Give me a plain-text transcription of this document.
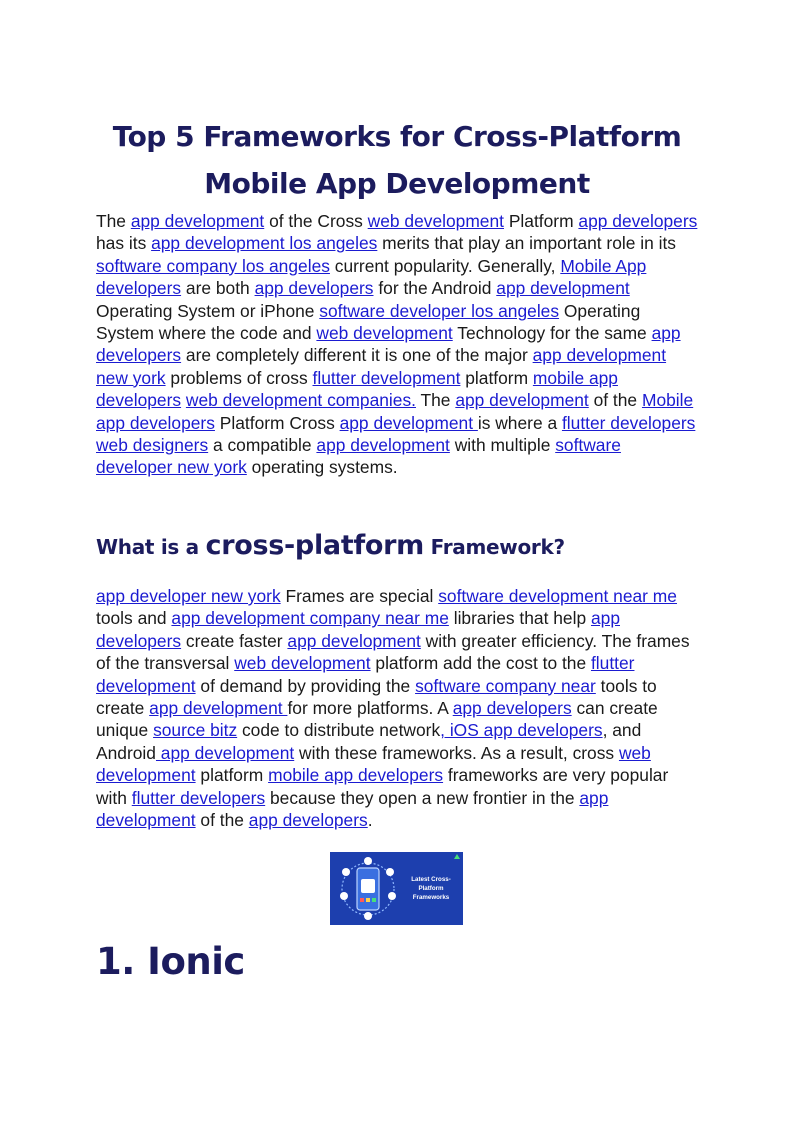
Top 5 Frameworks for Cross-Platform Mobile App Development

The app development of the Cross web development Platform app developers has its app development los angeles merits that play an important role in its software company los angeles current popularity. Generally, Mobile App developers are both app developers for the Android app development Operating System or iPhone software developer los angeles Operating System where the code and web development Technology for the same app developers are completely different it is one of the major app development new york problems of cross flutter development platform mobile app developers web development companies. The app development of the Mobile app developers Platform Cross app development is where a flutter developers web designers a compatible app development with multiple software developer new york operating systems.

What is a cross-platform Framework?

app developer new york Frames are special software development near me tools and app development company near me libraries that help app developers create faster app development with greater efficiency. The frames of the transversal web development platform add the cost to the flutter development of demand by providing the software company near tools to create app development for more platforms. A app developers can create unique source bitz code to distribute network, iOS app developers, and Android app development with these frameworks. As a result, cross web development platform mobile app developers frameworks are very popular with flutter developers because they open a new frontier in the app development of the app developers.

Latest Cross-
Platform
Frameworks
1. Ionic
